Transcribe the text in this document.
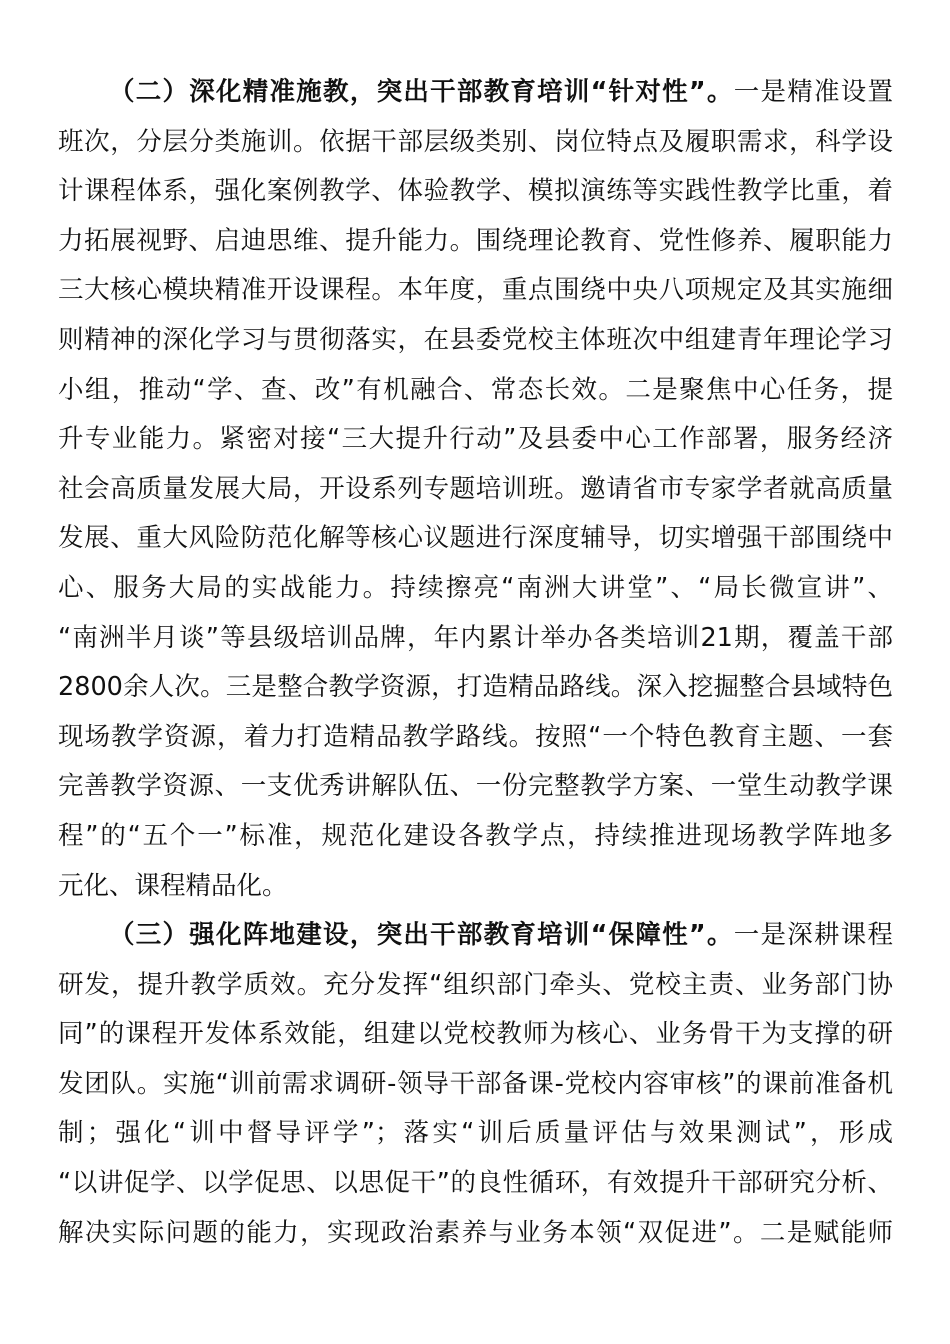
（二）深化精准施教，突出干部教育培训“针对性”。一是精准设置
班次，分层分类施训。依据干部层级类别、岗位特点及履职需求，科学设
计课程体系，强化案例教学、体验教学、模拟演练等实践性教学比重，着
力拓展视野、启迪思维、提升能力。围绕理论教育、党性修养、履职能力
三大核心模块精准开设课程。本年度，重点围绕中央八项规定及其实施细
则精神的深化学习与贯彻落实，在县委党校主体班次中组建青年理论学习
小组，推动“学、查、改”有机融合、常态长效。二是聚焦中心任务，提
升专业能力。紧密对接“三大提升行动”及县委中心工作部署，服务经济
社会高质量发展大局，开设系列专题培训班。邀请省市专家学者就高质量
发展、重大风险防范化解等核心议题进行深度辅导，切实增强干部围绕中
心、服务大局的实战能力。持续擦亮“南洲大讲堂”、“局长微宣讲”、
“南洲半月谈”等县级培训品牌，年内累计举办各类培训21期，覆盖干部
2800余人次。三是整合教学资源，打造精品路线。深入挖掘整合县域特色
现场教学资源，着力打造精品教学路线。按照“一个特色教育主题、一套
完善教学资源、一支优秀讲解队伍、一份完整教学方案、一堂生动教学课
程”的“五个一”标准，规范化建设各教学点，持续推进现场教学阵地多
元化、课程精品化。
（三）强化阵地建设，突出干部教育培训“保障性”。一是深耕课程
研发，提升教学质效。充分发挥“组织部门牵头、党校主责、业务部门协
同”的课程开发体系效能，组建以党校教师为核心、业务骨干为支撑的研
发团队。实施“训前需求调研-领导干部备课-党校内容审核”的课前准备机
制；强化“训中督导评学”；落实“训后质量评估与效果测试”，形成
“以讲促学、以学促思、以思促干”的良性循环，有效提升干部研究分析、
解决实际问题的能力，实现政治素养与业务本领“双促进”。二是赋能师
